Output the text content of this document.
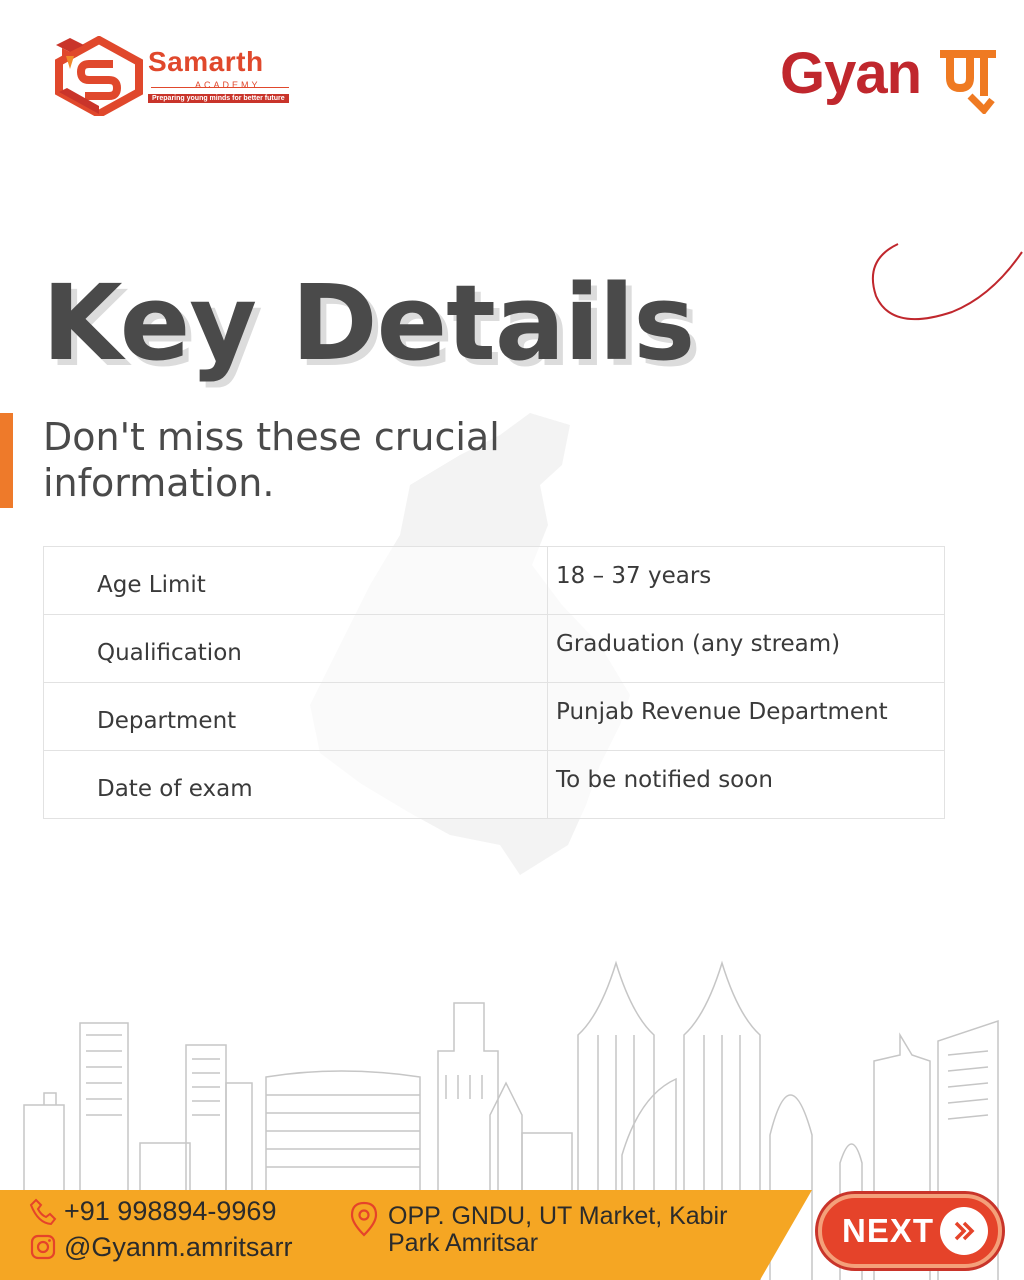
Samarth
ACADEMY
Preparing young minds for better future	Gyan
Key Details
Don't miss these crucial information.
Age Limit	18 – 37 years
Qualification	Graduation (any stream)
Department	Punjab Revenue Department
Date of exam	To be notified soon
+91 998894-9969
@Gyanm.amritsarr
OPP. GNDU, UT Market, Kabir Park Amritsar	NEXT
